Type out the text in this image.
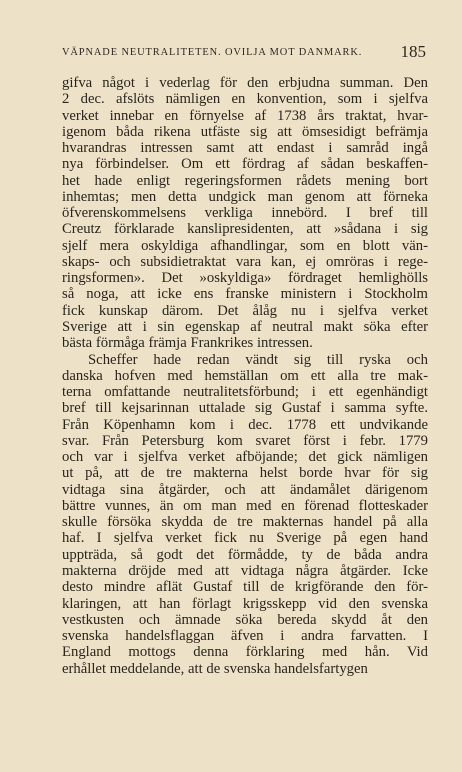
VÄPNADE NEUTRALITETEN. OVILJA MOT DANMARK. 185
gifva något i vederlag för den erbjudna summan. Den
2 dec. afslöts nämligen en konvention, som i sjelfva
verket innebar en förnyelse af 1738 års traktat, hvar-
igenom båda rikena utfäste sig att ömsesidigt befrämja
hvarandras intressen samt att endast i samråd ingå
nya förbindelser. Om ett fördrag af sådan beskaffen-
het hade enligt regeringsformen rådets mening bort
inhemtas; men detta undgick man genom att förneka
öfverenskommelsens verkliga innebörd. I bref till
Creutz förklarade kanslipresidenten, att »sådana i sig
sjelf mera oskyldiga afhandlingar, som en blott vän-
skaps- och subsidietraktat vara kan, ej omröras i rege-
ringsformen». Det »oskyldiga» fördraget hemlighölls
så noga, att icke ens franske ministern i Stockholm
fick kunskap därom. Det ålåg nu i sjelfva verket
Sverige att i sin egenskap af neutral makt söka efter
bästa förmåga främja Frankrikes intressen.
Scheffer hade redan vändt sig till ryska och
danska hofven med hemställan om ett alla tre mak-
terna omfattande neutralitetsförbund; i ett egenhändigt
bref till kejsarinnan uttalade sig Gustaf i samma syfte.
Från Köpenhamn kom i dec. 1778 ett undvikande
svar. Från Petersburg kom svaret först i febr. 1779
och var i sjelfva verket afböjande; det gick nämligen
ut på, att de tre makterna helst borde hvar för sig
vidtaga sina åtgärder, och att ändamålet därigenom
bättre vunnes, än om man med en förenad flotteskader
skulle försöka skydda de tre makternas handel på alla
haf. I sjelfva verket fick nu Sverige på egen hand
uppträda, så godt det förmådde, ty de båda andra
makterna dröjde med att vidtaga några åtgärder. Icke
desto mindre aflät Gustaf till de krigförande den för-
klaringen, att han förlagt krigsskepp vid den svenska
vestkusten och ämnade söka bereda skydd åt den
svenska handelsflaggan äfven i andra farvatten. I
England mottogs denna förklaring med hån. Vid
erhållet meddelande, att de svenska handelsfartygen
